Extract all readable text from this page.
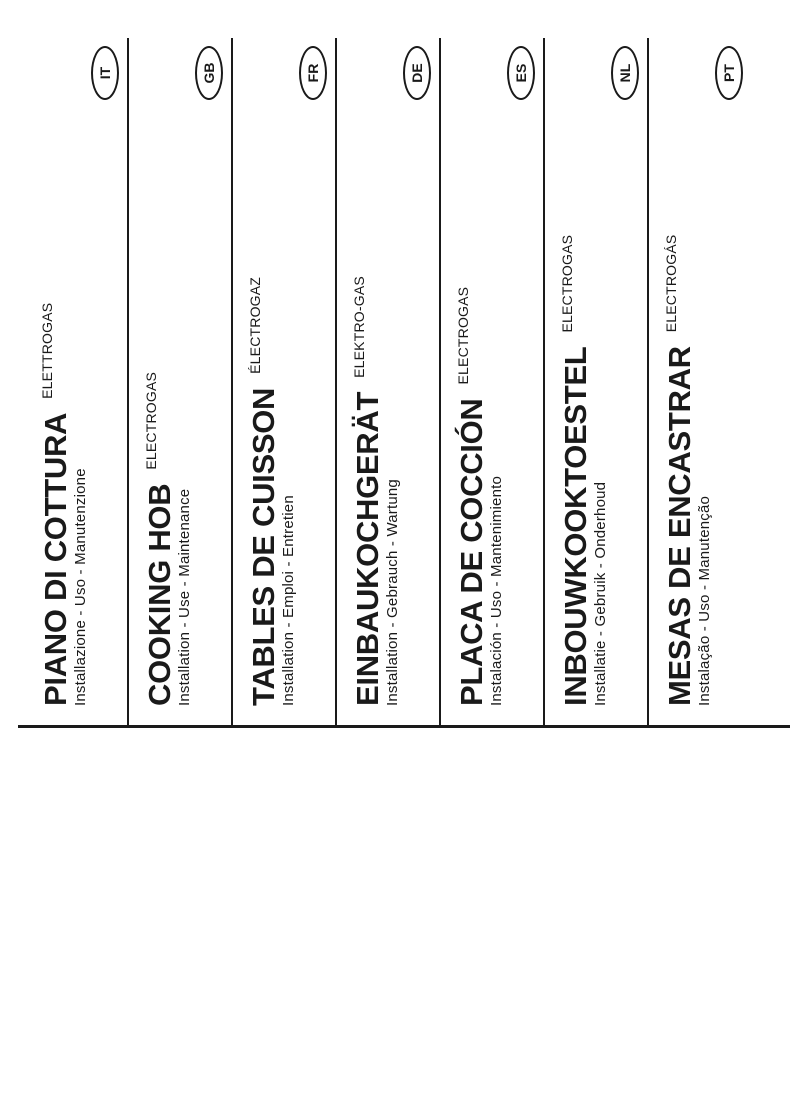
PIANO DI COTTURAELETTROGAS
Installazione - Uso - Manutenzione
IT
COOKING HOBELECTROGAS
Installation - Use - Maintenance
GB
TABLES DE CUISSONÉLECTROGAZ
Installation - Emploi - Entretien
FR
EINBAUKOCHGERÄTELEKTRO-GAS
Installation - Gebrauch - Wartung
DE
PLACA DE COCCIÓNELECTROGAS
Instalación - Uso - Mantenimiento
ES
INBOUWKOOKTOESTELELECTROGAS
Installatie - Gebruik - Onderhoud
NL
MESAS DE ENCASTRARELECTROGÁS
Instalação - Uso - Manutenção
PT
